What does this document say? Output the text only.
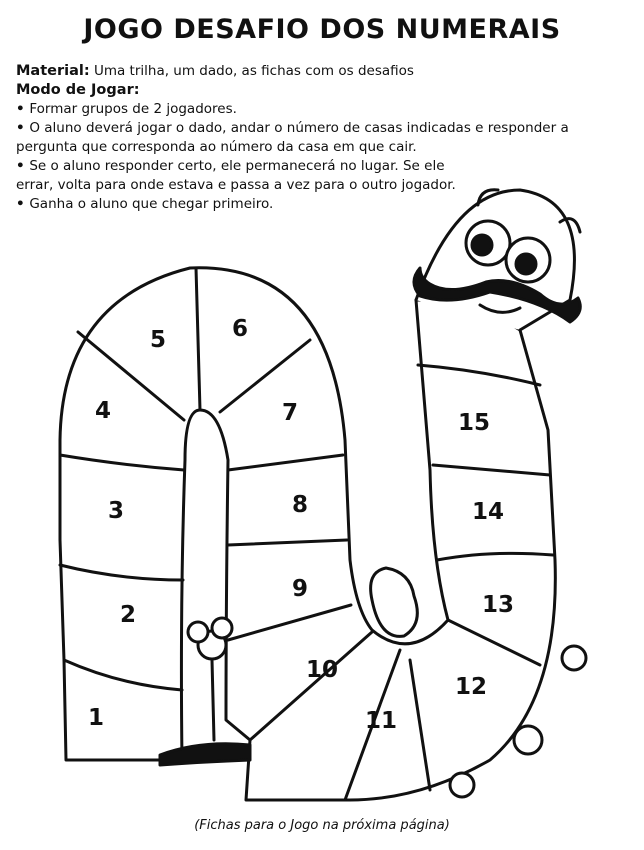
JOGO DESAFIO DOS NUMERAIS

Material: Uma trilha, um dado, as fichas com os desafios

Modo de Jogar:

• Formar grupos de 2 jogadores.

• O aluno deverá jogar o dado, andar o número de casas indicadas e responder a pergunta que corresponda ao número da casa em que cair.

• Se o aluno responder certo, ele permanecerá no lugar. Se ele errar, volta para onde estava e passa a vez para o outro jogador.

• Ganha o aluno que chegar primeiro.

1
2
3
4
5	6
7
8
9
10
11
12
13
14
15
(Fichas para o Jogo na próxima página)
